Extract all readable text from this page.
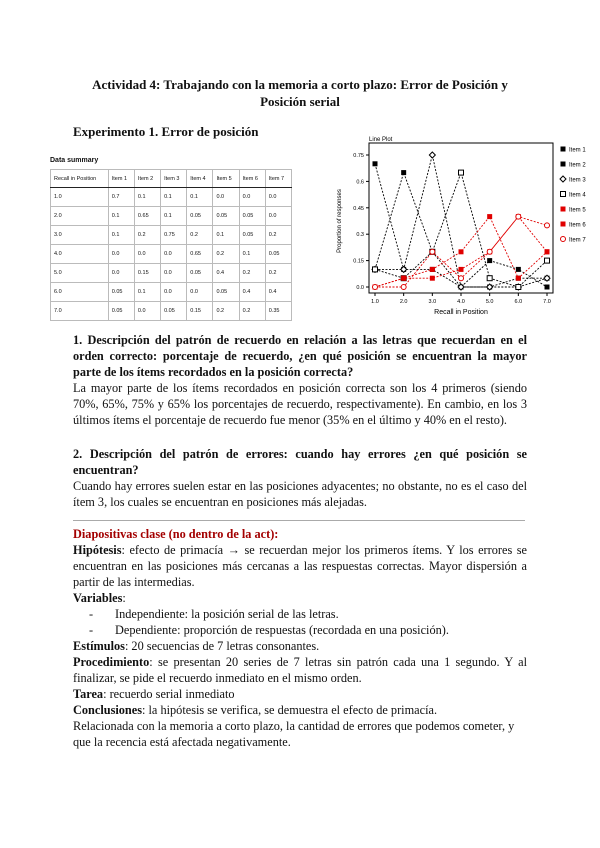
Actividad 4: Trabajando con la memoria a corto plazo: Error de Posición y Posición serial
Experimento 1. Error de posición
Data summary
Recall in Position	Item 1	Item 2	Item 3	Item 4	Item 5	Item 6	Item 7
1.0	0.7	0.1	0.1	0.1	0.0	0.0	0.0
2.0	0.1	0.65	0.1	0.05	0.05	0.05	0.0
3.0	0.1	0.2	0.75	0.2	0.1	0.05	0.2
4.0	0.0	0.0	0.0	0.65	0.2	0.1	0.05
5.0	0.0	0.15	0.0	0.05	0.4	0.2	0.2
6.0	0.05	0.1	0.0	0.0	0.05	0.4	0.4
7.0	0.05	0.0	0.05	0.15	0.2	0.2	0.35
Line Plot
0.0
0.15
0.3
0.45
0.6
0.75
1.0	2.0	3.0	4.0	5.0	6.0	7.0
Recall in Position
Proportion of responses
Item 1
Item 2
Item 3
Item 4
Item 5
Item 6
Item 7
1. Descripción del patrón de recuerdo en relación a las letras que recuerdan en el orden correcto: porcentaje de recuerdo, ¿en qué posición se encuentran la mayor parte de los ítems recordados en la posición correcta?
La mayor parte de los ítems recordados en posición correcta son los 4 primeros (siendo 70%, 65%, 75% y 65% los porcentajes de recuerdo, respectivamente). En cambio, en los 3 últimos ítems el porcentaje de recuerdo fue menor (35% en el último y 40% en el resto).
2. Descripción del patrón de errores: cuando hay errores ¿en qué posición se encuentran?
Cuando hay errores suelen estar en las posiciones adyacentes; no obstante, no es el caso del ítem 3, los cuales se encuentran en posiciones más alejadas.
Diapositivas clase (no dentro de la act):
Hipótesis: efecto de primacía → se recuerdan mejor los primeros ítems. Y los errores se encuentran en las posiciones más cercanas a las respuestas correctas. Mayor dispersión a partir de las intermedias.
Variables:
- Independiente: la posición serial de las letras.
- Dependiente: proporción de respuestas (recordada en una posición).
Estímulos: 20 secuencias de 7 letras consonantes.
Procedimiento: se presentan 20 series de 7 letras sin patrón cada una 1 segundo. Y al finalizar, se pide el recuerdo inmediato en el mismo orden.
Tarea: recuerdo serial inmediato
Conclusiones: la hipótesis se verifica, se demuestra el efecto de primacía.
Relacionada con la memoria a corto plazo, la cantidad de errores que podemos cometer, y que la recencia está afectada negativamente.
